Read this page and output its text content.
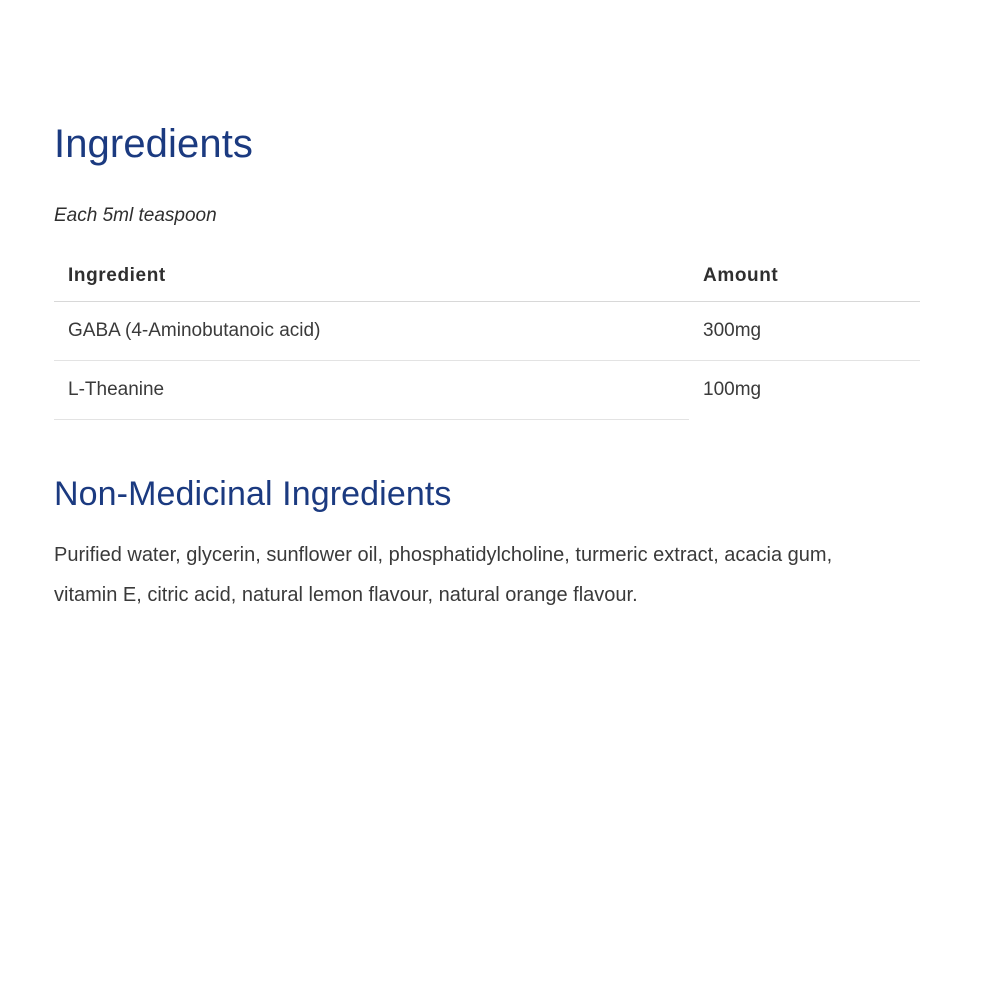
Ingredients

Each 5ml teaspoon

Ingredient	Amount
GABA (4-Aminobutanoic acid)	300mg
L-Theanine	100mg
Non-Medicinal Ingredients

Purified water, glycerin, sunflower oil, phosphatidylcholine, turmeric extract, acacia gum, vitamin E, citric acid, natural lemon flavour, natural orange flavour.
